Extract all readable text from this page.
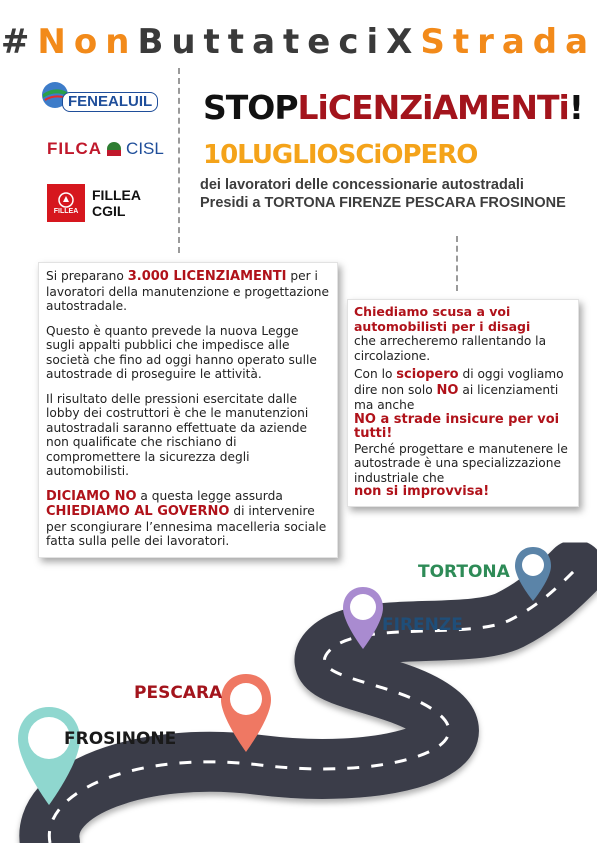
#NonButtateciXStrada
FENEALUIL
FILCA CISL
FILLEA
FILLEA
CGIL
STOPLiCENZiAMENTi!
10LUGLIOSCiOPERO
dei lavoratori delle concessionarie autostradali
Presidi a TORTONA FIRENZE PESCARA FROSINONE

Si preparano 3.000 LICENZIAMENTI per i lavoratori della manutenzione e progettazione autostradale.

Questo è quanto prevede la nuova Legge sugli appalti pubblici che impedisce alle società che fino ad oggi hanno operato sulle autostrade di proseguire le attività.

Il risultato delle pressioni esercitate dalle lobby dei costruttori è che le manutenzioni autostradali saranno effettuate da aziende non qualificate che rischiano di compromettere la sicurezza degli automobilisti.

DICIAMO NO a questa legge assurda
CHIEDIAMO AL GOVERNO di intervenire per scongiurare l’ennesima macelleria sociale fatta sulla pelle dei lavoratori.

Chiediamo scusa a voi automobilisti per i disagi
che arrecheremo rallentando la circolazione.
Con lo sciopero di oggi vogliamo dire non solo NO ai licenziamenti ma anche
NO a strade insicure per voi tutti!
Perché progettare e manutenere le autostrade è una specializzazione industriale che
non si improvvisa!
TORTONA
FIRENZE
PESCARA
FROSINONE
